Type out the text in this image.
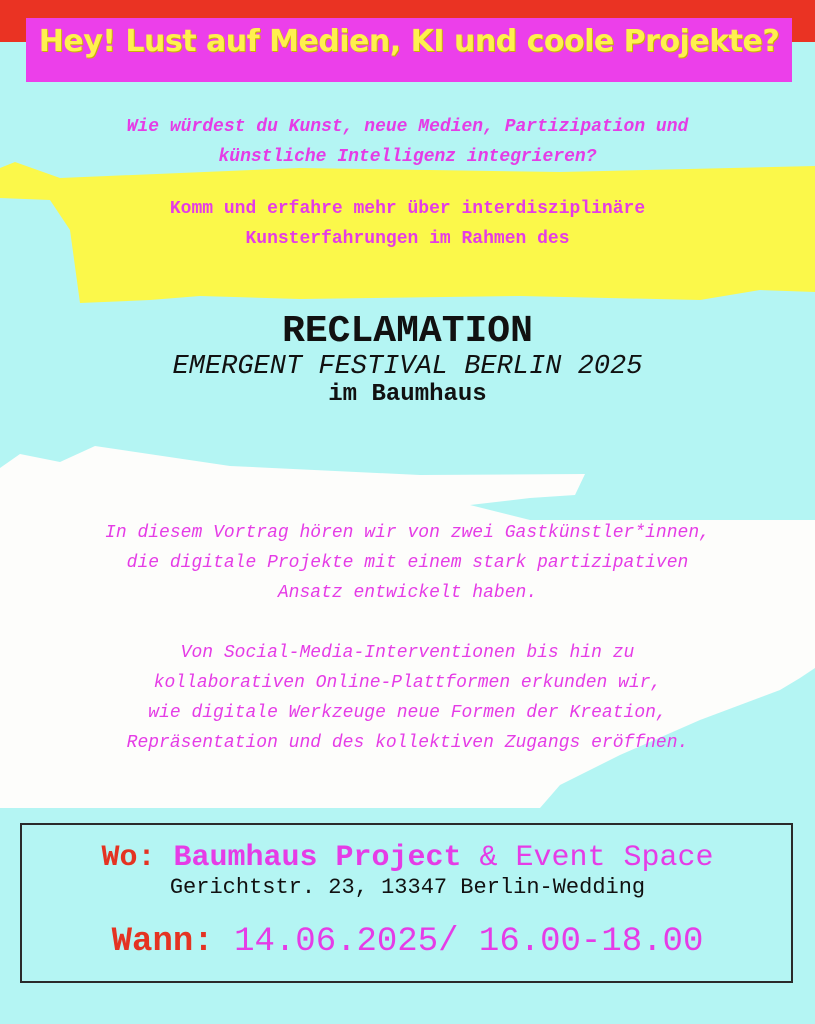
Hey! Lust auf Medien, KI und coole Projekte?

Wie würdest du Kunst, neue Medien, Partizipation und

künstliche Intelligenz integrieren?

Komm und erfahre mehr über interdisziplinäre

Kunsterfahrungen im Rahmen des

RECLAMATION
EMERGENT FESTIVAL BERLIN 2025
im Baumhaus

In diesem Vortrag hören wir von zwei Gastkünstler*innen,

die digitale Projekte mit einem stark partizipativen

Ansatz entwickelt haben.

Von Social-Media-Interventionen bis hin zu

kollaborativen Online-Plattformen erkunden wir,

wie digitale Werkzeuge neue Formen der Kreation,

Repräsentation und des kollektiven Zugangs eröffnen.

Wo: Baumhaus Project & Event Space
Gerichtstr. 23, 13347 Berlin-Wedding
Wann: 14.06.2025/ 16.00-18.00
